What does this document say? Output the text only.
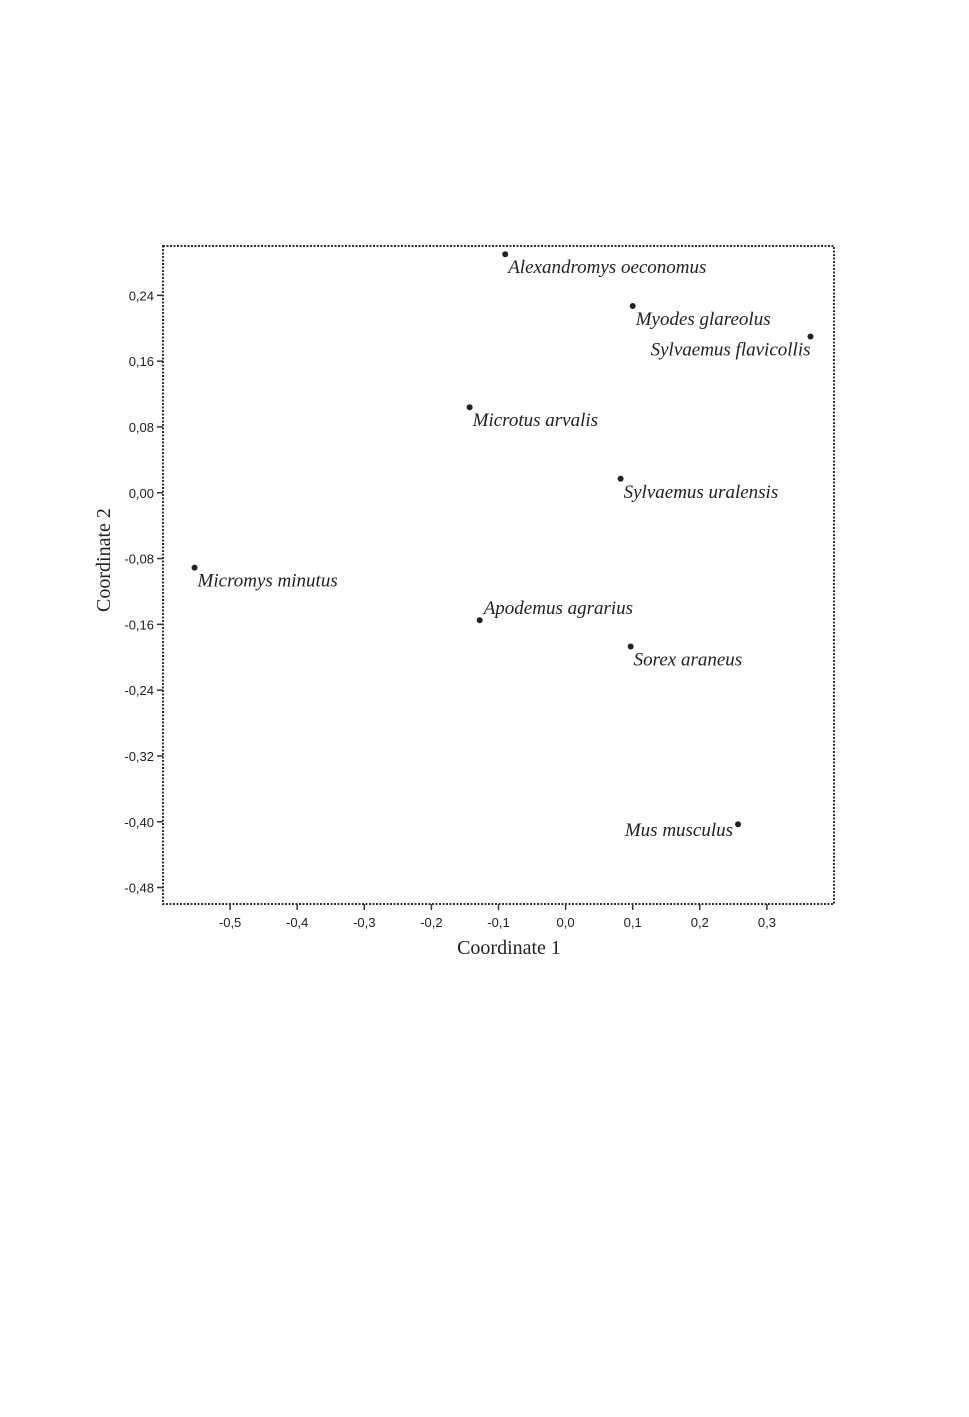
0,24
0,16
0,08
0,00
-0,08
-0,16
-0,24
-0,32
-0,40
-0,48
-0,5	-0,4	-0,3	-0,2	-0,1	0,0	0,1	0,2	0,3
Alexandromys oeconomus
Myodes glareolus
Sylvaemus flavicollis
Microtus arvalis
Sylvaemus uralensis
Micromys minutus
Apodemus agrarius
Sorex araneus
Mus musculus
Coordinate 1
Coordinate 2
